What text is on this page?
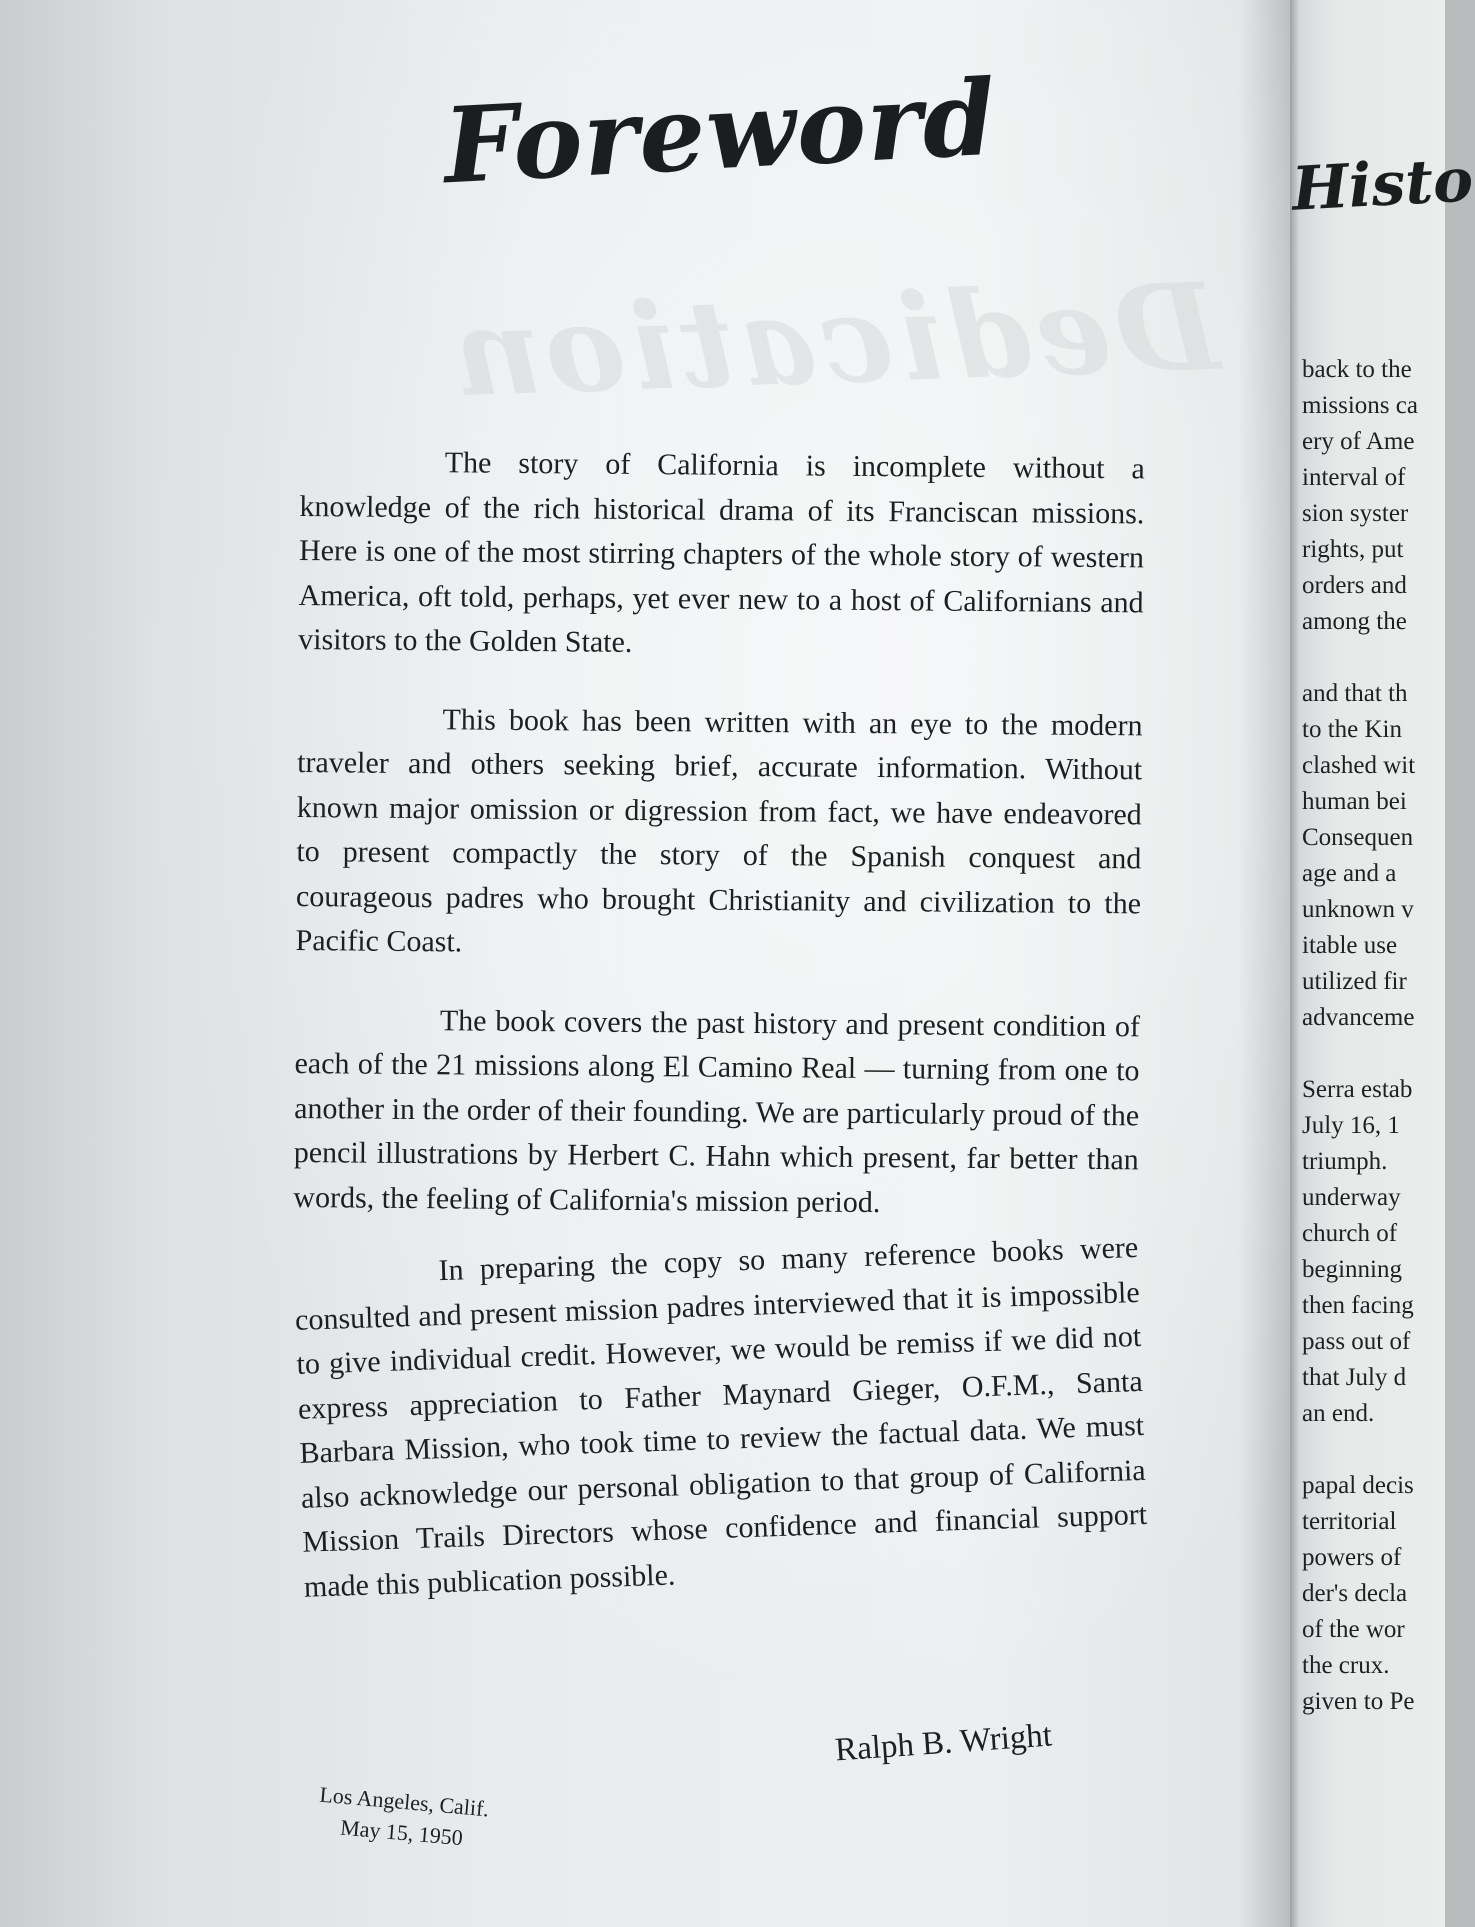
Dedication
Foreword

The story of California is incomplete without a knowledge of the rich historical drama of its Franciscan missions. Here is one of the most stirring chapters of the whole story of western America, oft told, perhaps, yet ever new to a host of Californians and visitors to the Golden State.

This book has been written with an eye to the modern traveler and others seeking brief, accurate information. Without known major omission or digression from fact, we have endeavored to present compactly the story of the Spanish conquest and courageous padres who brought Christianity and civilization to the Pacific Coast.

The book covers the past history and present condition of each of the 21 missions along El Camino Real — turning from one to another in the order of their founding. We are particularly proud of the pencil illustrations by Herbert C. Hahn which present, far better than words, the feeling of California's mission period.

In preparing the copy so many reference books were consulted and present mission padres interviewed that it is impossible to give individual credit. However, we would be remiss if we did not express appreciation to Father Maynard Gieger, O.F.M., Santa Barbara Mission, who took time to review the factual data. We must also acknowledge our personal obligation to that group of California Mission Trails Directors whose confidence and financial support made this publication possible.

Ralph B. Wright
Los Angeles, Calif.
May 15, 1950
Histo
back to the
missions ca
ery of Ame
interval of
sion syster
rights, put
orders and
among the
and that th
to the Kin
clashed wit
human bei
Consequen
age and a
unknown v
itable use
utilized fir
advanceme
Serra estab
July 16, 1
triumph.
underway
church of
beginning
then facing
pass out of
that July d
an end.
papal decis
territorial
powers of
der's decla
of the wor
the crux.
given to Pe
